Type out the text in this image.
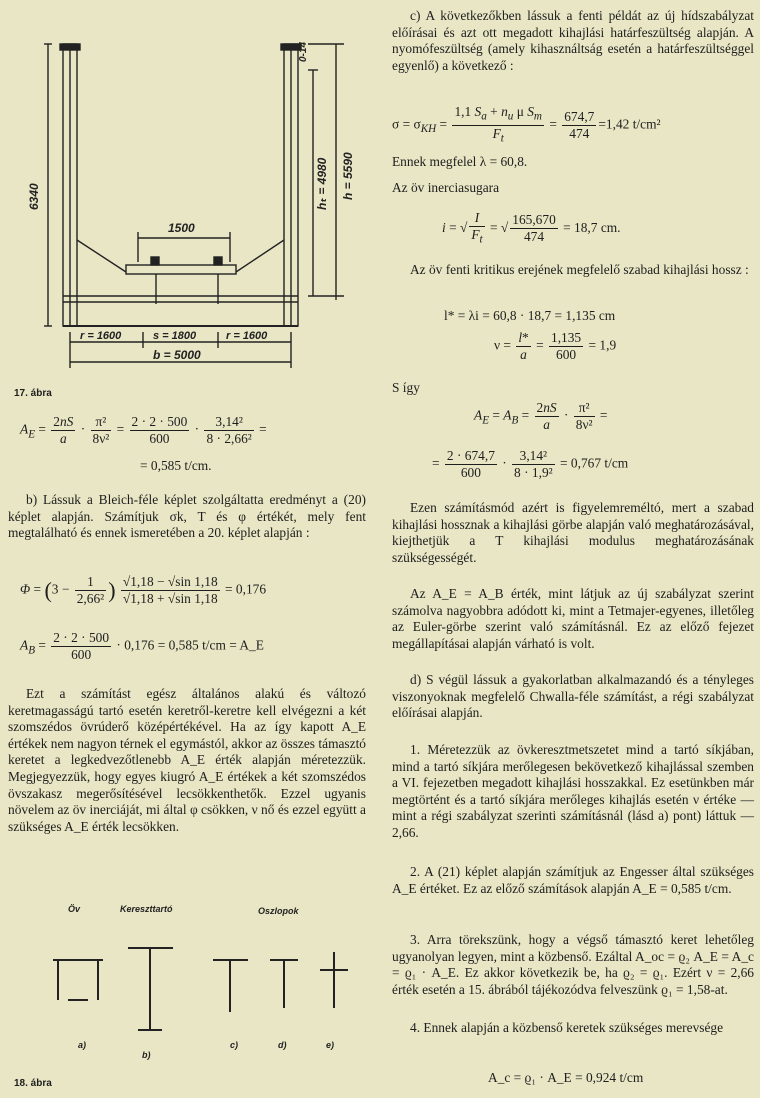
6340
0-14
hₜ = 4980 h = 5590
1500
r = 1600	s = 1800	r = 1600
b = 5000
17. ábra
$A_E = \frac{2nS}{a} \cdot \frac{\text{π²}}{\text{8ν²}} = \frac{2 \cdot 2 \cdot 500}{600} \cdot \frac{\text{3,14²}}{\text{8 · 2,66²}}$ =
= 0,585 t/cm.

b) Lássuk a Bleich-féle képlet szolgáltatta eredményt a (20) képlet alapján. Számítjuk σk, T és φ értékét, mely fent megtalálható és ennek ismeretében a 20. képlet alapján :

$\Phi = (3 - \frac{1}{\text{2,66²}}$ ) $\frac{√1,18 - √\sin 1,18}{√1,18 + √\sin 1,18} = 0,176$
$A_B = \frac{2 \cdot 2 \cdot 500}{600} \cdot 0,176 = 0,585$ t/cm = A_E

Ezt a számítást egész általános alakú és változó keretmagasságú tartó esetén keretről-keretre kell elvégezni a két szomszédos övrúderő középértékével. Ha az így kapott A_E értékek nem nagyon térnek el egymástól, akkor az összes támasztó keretet a legkedvezőtlenebb A_E érték alapján méretezzük. Megjegyezzük, hogy egyes kiugró A_E értékek a két szomszédos övszakasz megerősítésével lecsökkenthetők. Ezzel ugyanis növelem az öv inerciáját, mi által φ csökken, ν nő és ezzel együtt a szükséges A_E érték lecsökken.

Öv	Kereszttartó	Oszlopok
a)
b)
c)	d)	e)
18. ábra

c) A következőkben lássuk a fenti példát az új hídszabályzat előírásai és azt ott megadott kihajlási határfeszültség alapján. A nyomófeszültség (amely kihasználtság esetén a határfeszültséggel egyenlő) a következő :

$\sigma = \sigma_{KH} = \frac{1,1 S_a + n_u \mu S_m}{F_t} = \frac{674,7}{474} =1,42$ t/cm²

Ennek megfelel λ = 60,8.

Az öv inerciasugara

i = √ $\frac{I}{F_t}$ = √ $\frac{165,670}{474} = 18,7$ cm.

Az öv fenti kritikus erejének megfelelő szabad kihajlási hossz :

l* = λi = 60,8 · 18,7 = 1,135 cm
$\nu = \frac{l*}{a} = \frac{1,135}{600} = 1,9$

S így

$A_E = A_B = \frac{2nS}{a} \cdot \frac{\text{π²}}{\text{8ν²}}$ =
= $\frac{2 \cdot 674,7}{600} \cdot \frac{\text{3,14²}}{\text{8 · 1,9²}} = 0,767$ t/cm

Ezen számításmód azért is figyelemreméltó, mert a szabad kihajlási hossznak a kihajlási görbe alapján való meghatározásával, kiejthetjük a T kihajlási modulus meghatározásának szükségességét.

Az A_E = A_B érték, mint látjuk az új szabályzat szerint számolva nagyobbra adódott ki, mint a Tetmajer-egyenes, illetőleg az Euler-görbe szerint való számításnál. Ez az előző fejezet megállapításai alapján várható is volt.

d) S végül lássuk a gyakorlatban alkalmazandó és a tényleges viszonyoknak megfelelő Chwalla-féle számítást, a régi szabályzat előírásai alapján.

1. Méretezzük az övkeresztmetszetet mind a tartó síkjában, mind a tartó síkjára merőlegesen bekövetkező kihajlással szemben a VI. fejezetben megadott kihajlási hosszakkal. Ez esetünkben már megtörtént és a tartó síkjára merőleges kihajlás esetén ν értéke — mint a régi szabályzat szerinti számításnál (lásd a) pont) láttuk — 2,66.

2. A (21) képlet alapján számítjuk az Engesser által szükséges A_E értéket. Ez az előző számítások alapján A_E = 0,585 t/cm.

3. Arra törekszünk, hogy a végső támasztó keret lehetőleg ugyanolyan legyen, mint a közbenső. Ezáltal A_oc = ϱ₂ A_E = A_c = ϱ₁ · A_E. Ez akkor következik be, ha ϱ₂ = ϱ₁. Ezért ν = 2,66 érték esetén a 15. ábrából tájékozódva felveszünk ϱ₁ = 1,58-at.

4. Ennek alapján a közbenső keretek szükséges merevsége

A_c = ϱ₁ · A_E = 0,924 t/cm
